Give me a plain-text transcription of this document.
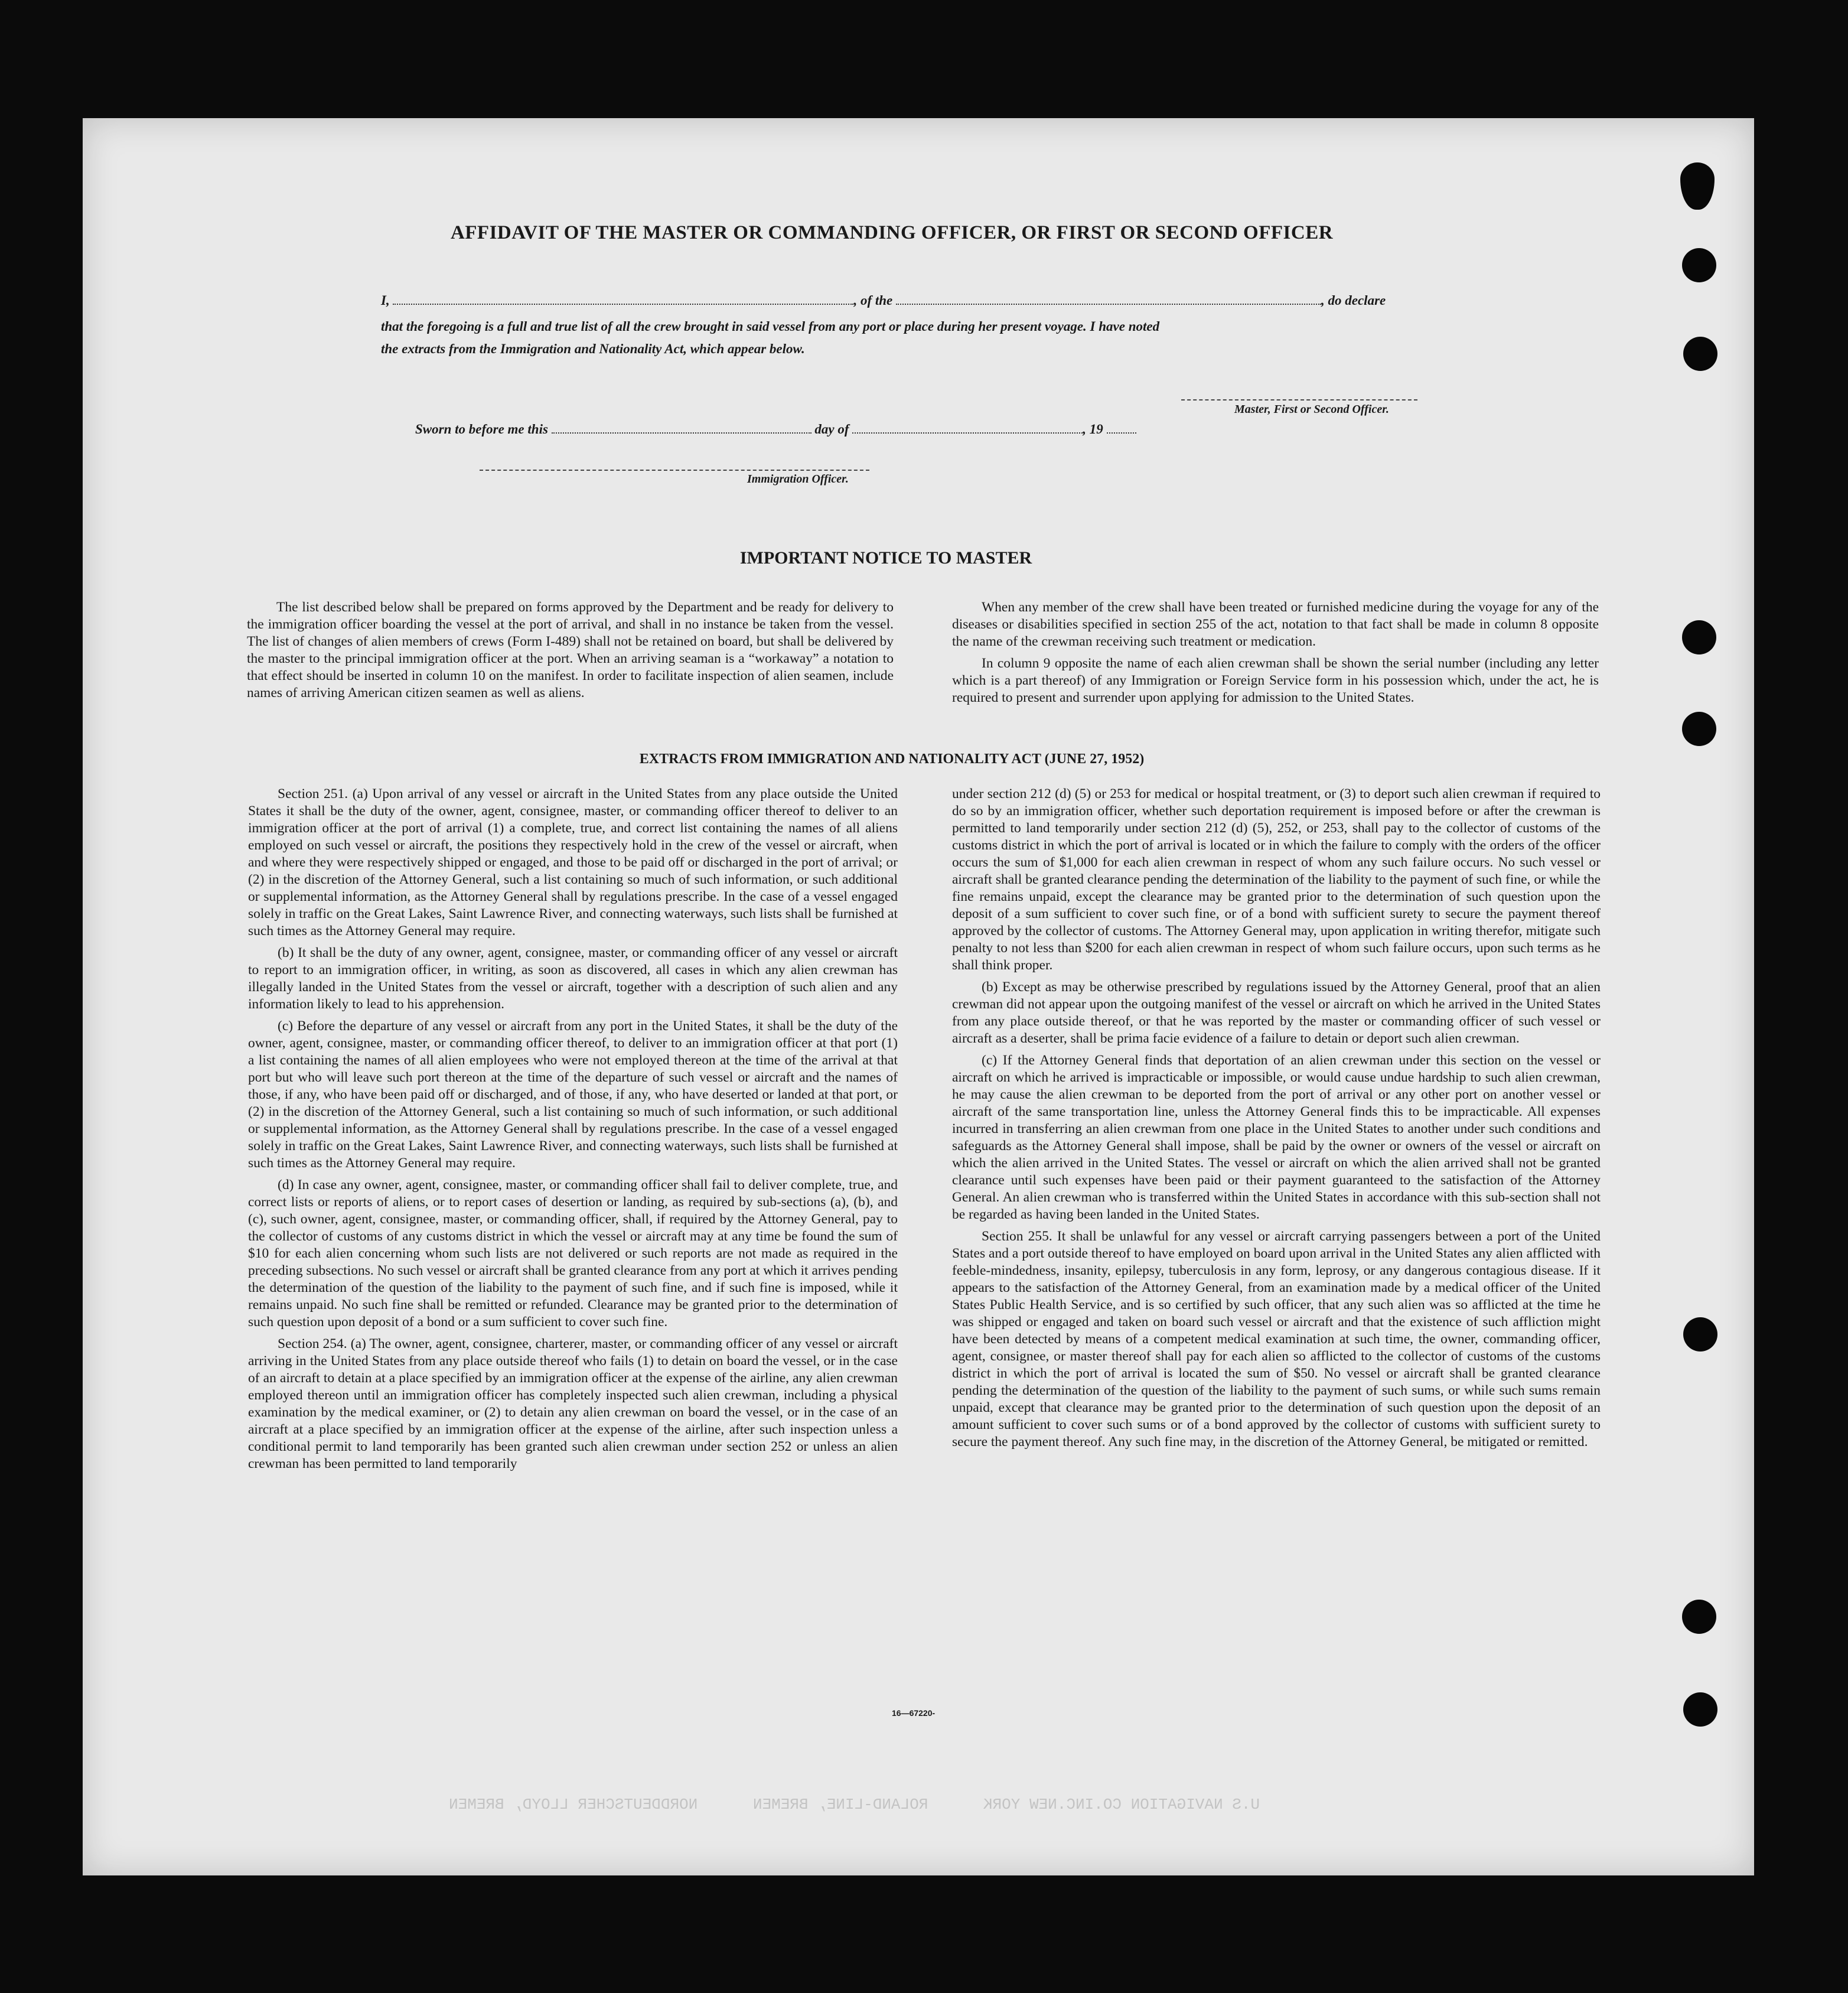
U.S NAVIGATION CO.INC.NEW YORK      ROLAND-LINE, BREMEN      NORDDEUTSCHER LLOYD, BREMEN
AFFIDAVIT OF THE MASTER OR COMMANDING OFFICER, OR FIRST OR SECOND OFFICER
I,	, of the	, do declare
that the foregoing is a full and true list of all the crew brought in said vessel from any port or place during her present voyage. I have noted
the extracts from the Immigration and Nationality Act, which appear below.
Master, First or Second Officer.
Sworn to before me this	day of	, 19
Immigration Officer.
IMPORTANT NOTICE TO MASTER

The list described below shall be prepared on forms approved by the Department and be ready for delivery to the immigration officer boarding the vessel at the port of arrival, and shall in no instance be taken from the vessel. The list of changes of alien members of crews (Form I-489) shall not be retained on board, but shall be delivered by the master to the principal immigration officer at the port. When an arriving seaman is a “workaway” a notation to that effect should be inserted in column 10 on the manifest. In order to facilitate inspection of alien seamen, include names of arriving American citizen seamen as well as aliens.

When any member of the crew shall have been treated or furnished medicine during the voyage for any of the diseases or disabilities specified in section 255 of the act, notation to that fact shall be made in column 8 opposite the name of the crewman receiving such treatment or medication.

In column 9 opposite the name of each alien crewman shall be shown the serial number (including any letter which is a part thereof) of any Immigration or Foreign Service form in his possession which, under the act, he is required to present and surrender upon applying for admission to the United States.

EXTRACTS FROM IMMIGRATION AND NATIONALITY ACT (JUNE 27, 1952)

Section 251. (a) Upon arrival of any vessel or aircraft in the United States from any place outside the United States it shall be the duty of the owner, agent, consignee, master, or commanding officer thereof to deliver to an immigration officer at the port of arrival (1) a complete, true, and correct list containing the names of all aliens employed on such vessel or aircraft, the positions they respectively hold in the crew of the vessel or aircraft, when and where they were respectively shipped or engaged, and those to be paid off or discharged in the port of arrival; or (2) in the discretion of the Attorney General, such a list containing so much of such information, or such additional or supplemental information, as the Attorney General shall by regulations prescribe. In the case of a vessel engaged solely in traffic on the Great Lakes, Saint Lawrence River, and connecting waterways, such lists shall be furnished at such times as the Attorney General may require.

(b) It shall be the duty of any owner, agent, consignee, master, or commanding officer of any vessel or aircraft to report to an immigration officer, in writing, as soon as discovered, all cases in which any alien crewman has illegally landed in the United States from the vessel or aircraft, together with a description of such alien and any information likely to lead to his apprehension.

(c) Before the departure of any vessel or aircraft from any port in the United States, it shall be the duty of the owner, agent, consignee, master, or commanding officer thereof, to deliver to an immigration officer at that port (1) a list containing the names of all alien employees who were not employed thereon at the time of the arrival at that port but who will leave such port thereon at the time of the departure of such vessel or aircraft and the names of those, if any, who have been paid off or discharged, and of those, if any, who have deserted or landed at that port, or (2) in the discretion of the Attorney General, such a list containing so much of such information, or such additional or supplemental information, as the Attorney General shall by regulations prescribe. In the case of a vessel engaged solely in traffic on the Great Lakes, Saint Lawrence River, and connecting waterways, such lists shall be furnished at such times as the Attorney General may require.

(d) In case any owner, agent, consignee, master, or commanding officer shall fail to deliver complete, true, and correct lists or reports of aliens, or to report cases of desertion or landing, as required by sub-sections (a), (b), and (c), such owner, agent, consignee, master, or commanding officer, shall, if required by the Attorney General, pay to the collector of customs of any customs district in which the vessel or aircraft may at any time be found the sum of $10 for each alien concerning whom such lists are not delivered or such reports are not made as required in the preceding subsections. No such vessel or aircraft shall be granted clearance from any port at which it arrives pending the determination of the question of the liability to the payment of such fine, and if such fine is imposed, while it remains unpaid. No such fine shall be remitted or refunded. Clearance may be granted prior to the determination of such question upon deposit of a bond or a sum sufficient to cover such fine.

Section 254. (a) The owner, agent, consignee, charterer, master, or commanding officer of any vessel or aircraft arriving in the United States from any place outside thereof who fails (1) to detain on board the vessel, or in the case of an aircraft to detain at a place specified by an immigration officer at the expense of the airline, any alien crewman employed thereon until an immigration officer has completely inspected such alien crewman, including a physical examination by the medical examiner, or (2) to detain any alien crewman on board the vessel, or in the case of an aircraft at a place specified by an immigration officer at the expense of the airline, after such inspection unless a conditional permit to land temporarily has been granted such alien crewman under section 252 or unless an alien crewman has been permitted to land temporarily

under section 212 (d) (5) or 253 for medical or hospital treatment, or (3) to deport such alien crewman if required to do so by an immigration officer, whether such deportation requirement is imposed before or after the crewman is permitted to land temporarily under section 212 (d) (5), 252, or 253, shall pay to the collector of customs of the customs district in which the port of arrival is located or in which the failure to comply with the orders of the officer occurs the sum of $1,000 for each alien crewman in respect of whom any such failure occurs. No such vessel or aircraft shall be granted clearance pending the determination of the liability to the payment of such fine, or while the fine remains unpaid, except the clearance may be granted prior to the determination of such question upon the deposit of a sum sufficient to cover such fine, or of a bond with sufficient surety to secure the payment thereof approved by the collector of customs. The Attorney General may, upon application in writing therefor, mitigate such penalty to not less than $200 for each alien crewman in respect of whom such failure occurs, upon such terms as he shall think proper.

(b) Except as may be otherwise prescribed by regulations issued by the Attorney General, proof that an alien crewman did not appear upon the outgoing manifest of the vessel or aircraft on which he arrived in the United States from any place outside thereof, or that he was reported by the master or commanding officer of such vessel or aircraft as a deserter, shall be prima facie evidence of a failure to detain or deport such alien crewman.

(c) If the Attorney General finds that deportation of an alien crewman under this section on the vessel or aircraft on which he arrived is impracticable or impossible, or would cause undue hardship to such alien crewman, he may cause the alien crewman to be deported from the port of arrival or any other port on another vessel or aircraft of the same transportation line, unless the Attorney General finds this to be impracticable. All expenses incurred in transferring an alien crewman from one place in the United States to another under such conditions and safeguards as the Attorney General shall impose, shall be paid by the owner or owners of the vessel or aircraft on which the alien arrived in the United States. The vessel or aircraft on which the alien arrived shall not be granted clearance until such expenses have been paid or their payment guaranteed to the satisfaction of the Attorney General. An alien crewman who is transferred within the United States in accordance with this sub-section shall not be regarded as having been landed in the United States.

Section 255. It shall be unlawful for any vessel or aircraft carrying passengers between a port of the United States and a port outside thereof to have employed on board upon arrival in the United States any alien afflicted with feeble-mindedness, insanity, epilepsy, tuberculosis in any form, leprosy, or any dangerous contagious disease. If it appears to the satisfaction of the Attorney General, from an examination made by a medical officer of the United States Public Health Service, and is so certified by such officer, that any such alien was so afflicted at the time he was shipped or engaged and taken on board such vessel or aircraft and that the existence of such affliction might have been detected by means of a competent medical examination at such time, the owner, commanding officer, agent, consignee, or master thereof shall pay for each alien so afflicted to the collector of customs of the customs district in which the port of arrival is located the sum of $50. No vessel or aircraft shall be granted clearance pending the determination of the question of the liability to the payment of such sums, or while such sums remain unpaid, except that clearance may be granted prior to the determination of such question upon the deposit of an amount sufficient to cover such sums or of a bond approved by the collector of customs with sufficient surety to secure the payment thereof. Any such fine may, in the discretion of the Attorney General, be mitigated or remitted.

16—67220-
